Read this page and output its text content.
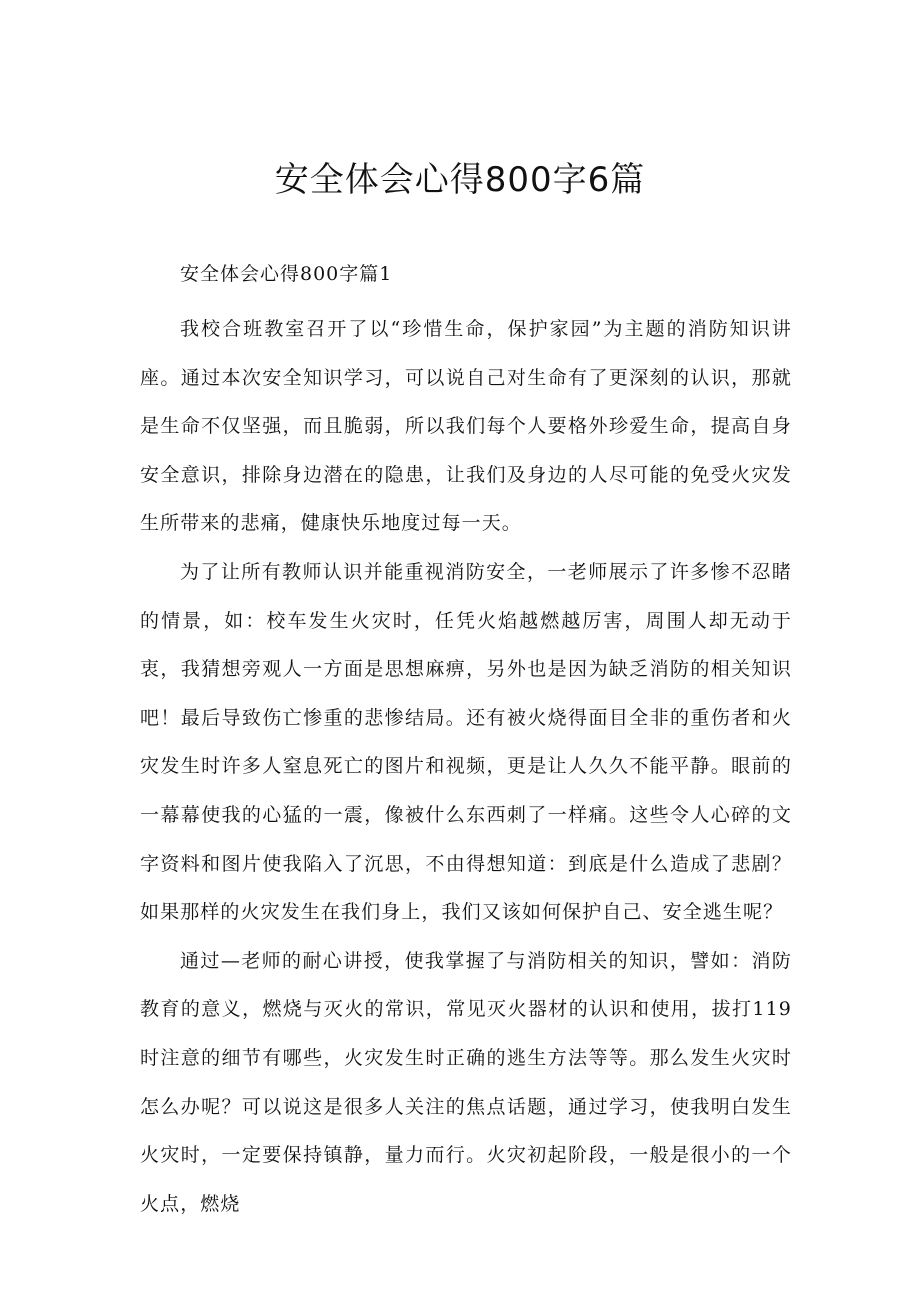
安全体会心得800字6篇
安全体会心得800字篇1

我校合班教室召开了以“珍惜生命，保护家园”为主题的消防知识讲座。通过本次安全知识学习，可以说自己对生命有了更深刻的认识，那就是生命不仅坚强，而且脆弱，所以我们每个人要格外珍爱生命，提高自身安全意识，排除身边潜在的隐患，让我们及身边的人尽可能的免受火灾发生所带来的悲痛，健康快乐地度过每一天。

为了让所有教师认识并能重视消防安全，一老师展示了许多惨不忍睹的情景，如：校车发生火灾时，任凭火焰越燃越厉害，周围人却无动于衷，我猜想旁观人一方面是思想麻痹，另外也是因为缺乏消防的相关知识吧！最后导致伤亡惨重的悲惨结局。还有被火烧得面目全非的重伤者和火灾发生时许多人窒息死亡的图片和视频，更是让人久久不能平静。眼前的一幕幕使我的心猛的一震，像被什么东西刺了一样痛。这些令人心碎的文字资料和图片使我陷入了沉思，不由得想知道：到底是什么造成了悲剧？如果那样的火灾发生在我们身上，我们又该如何保护自己、安全逃生呢？

通过—老师的耐心讲授，使我掌握了与消防相关的知识，譬如：消防教育的意义，燃烧与灭火的常识，常见灭火器材的认识和使用，拔打119时注意的细节有哪些，火灾发生时正确的逃生方法等等。那么发生火灾时怎么办呢？可以说这是很多人关注的焦点话题，通过学习，使我明白发生火灾时，一定要保持镇静，量力而行。火灾初起阶段，一般是很小的一个火点，燃烧
